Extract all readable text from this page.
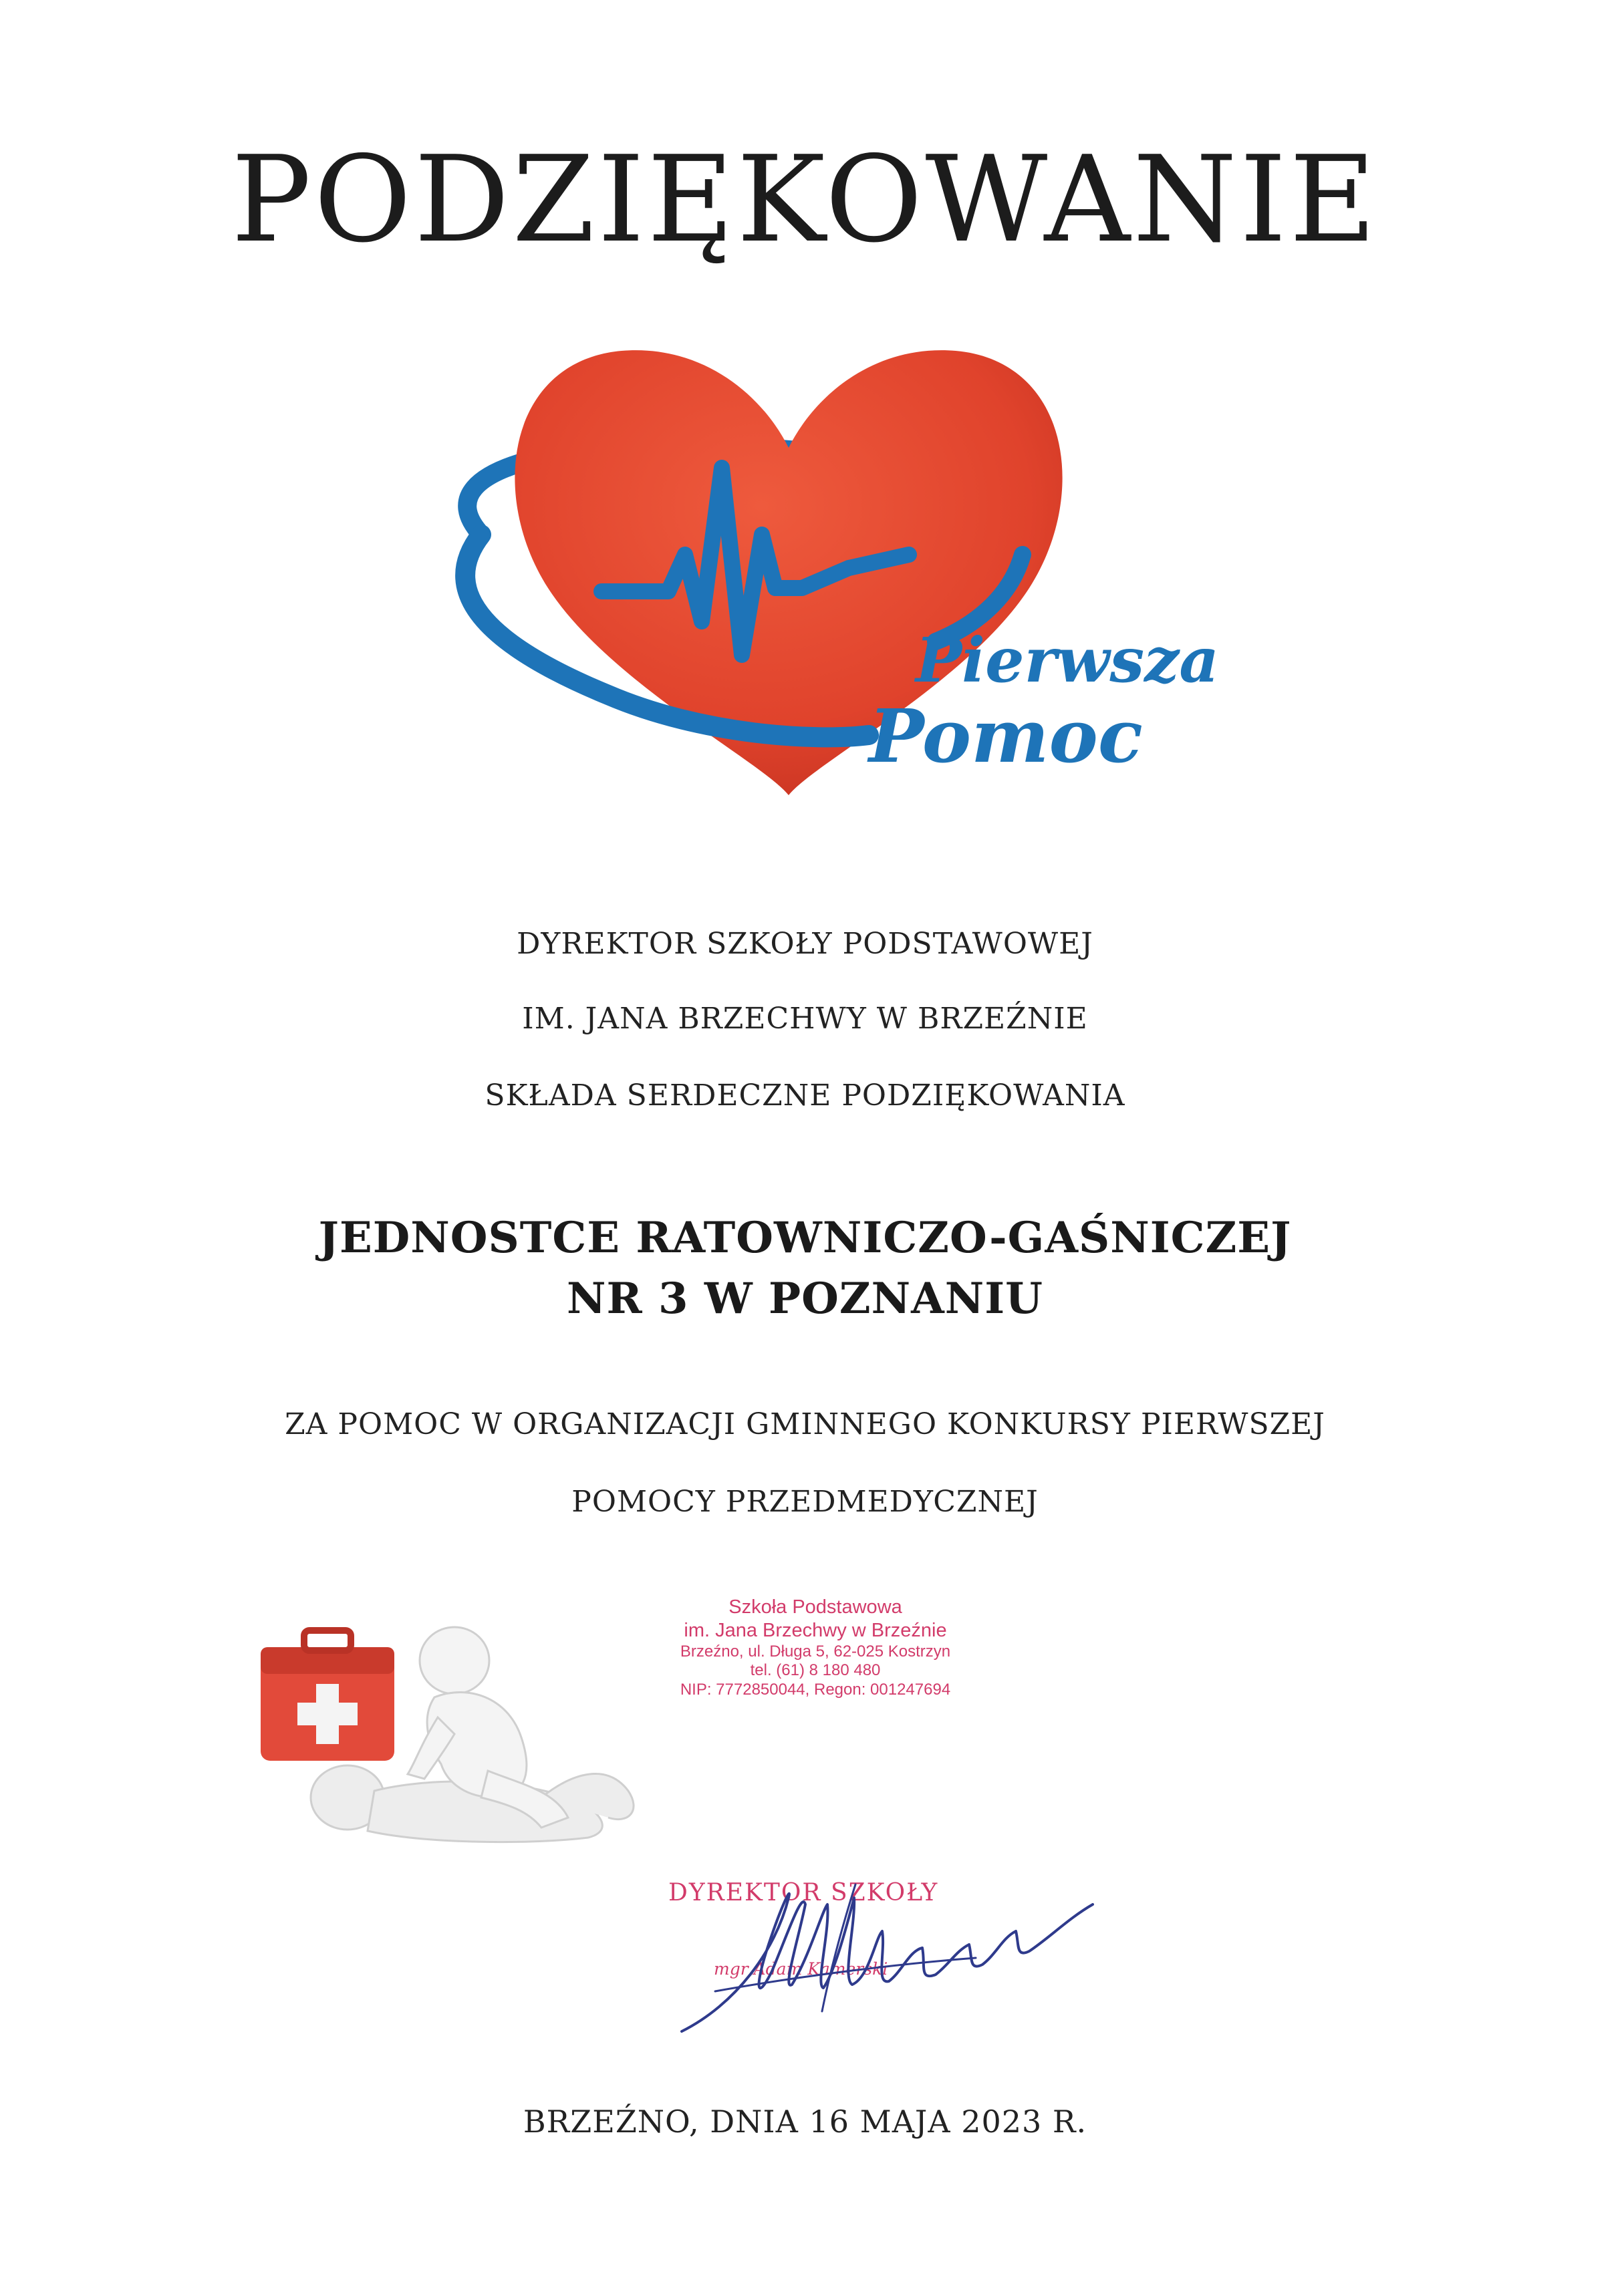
PODZIĘKOWANIE
Pierwsza
Pomoc
DYREKTOR SZKOŁY PODSTAWOWEJ
IM. JANA BRZECHWY W BRZEŹNIE
SKŁADA SERDECZNE PODZIĘKOWANIA
JEDNOSTCE RATOWNICZO-GAŚNICZEJ
NR 3 W POZNANIU
ZA POMOC W ORGANIZACJI GMINNEGO KONKURSY PIERWSZEJ
POMOCY PRZEDMEDYCZNEJ
Szkoła Podstawowa
im. Jana Brzechwy w Brzeźnie
Brzeźno, ul. Długa 5, 62-025 Kostrzyn
tel. (61) 8 180 480
NIP: 7772850044, Regon: 001247694
DYREKTOR SZKOŁY
mgr Adam Kamerski
BRZEŹNO, DNIA 16 MAJA 2023 R.
